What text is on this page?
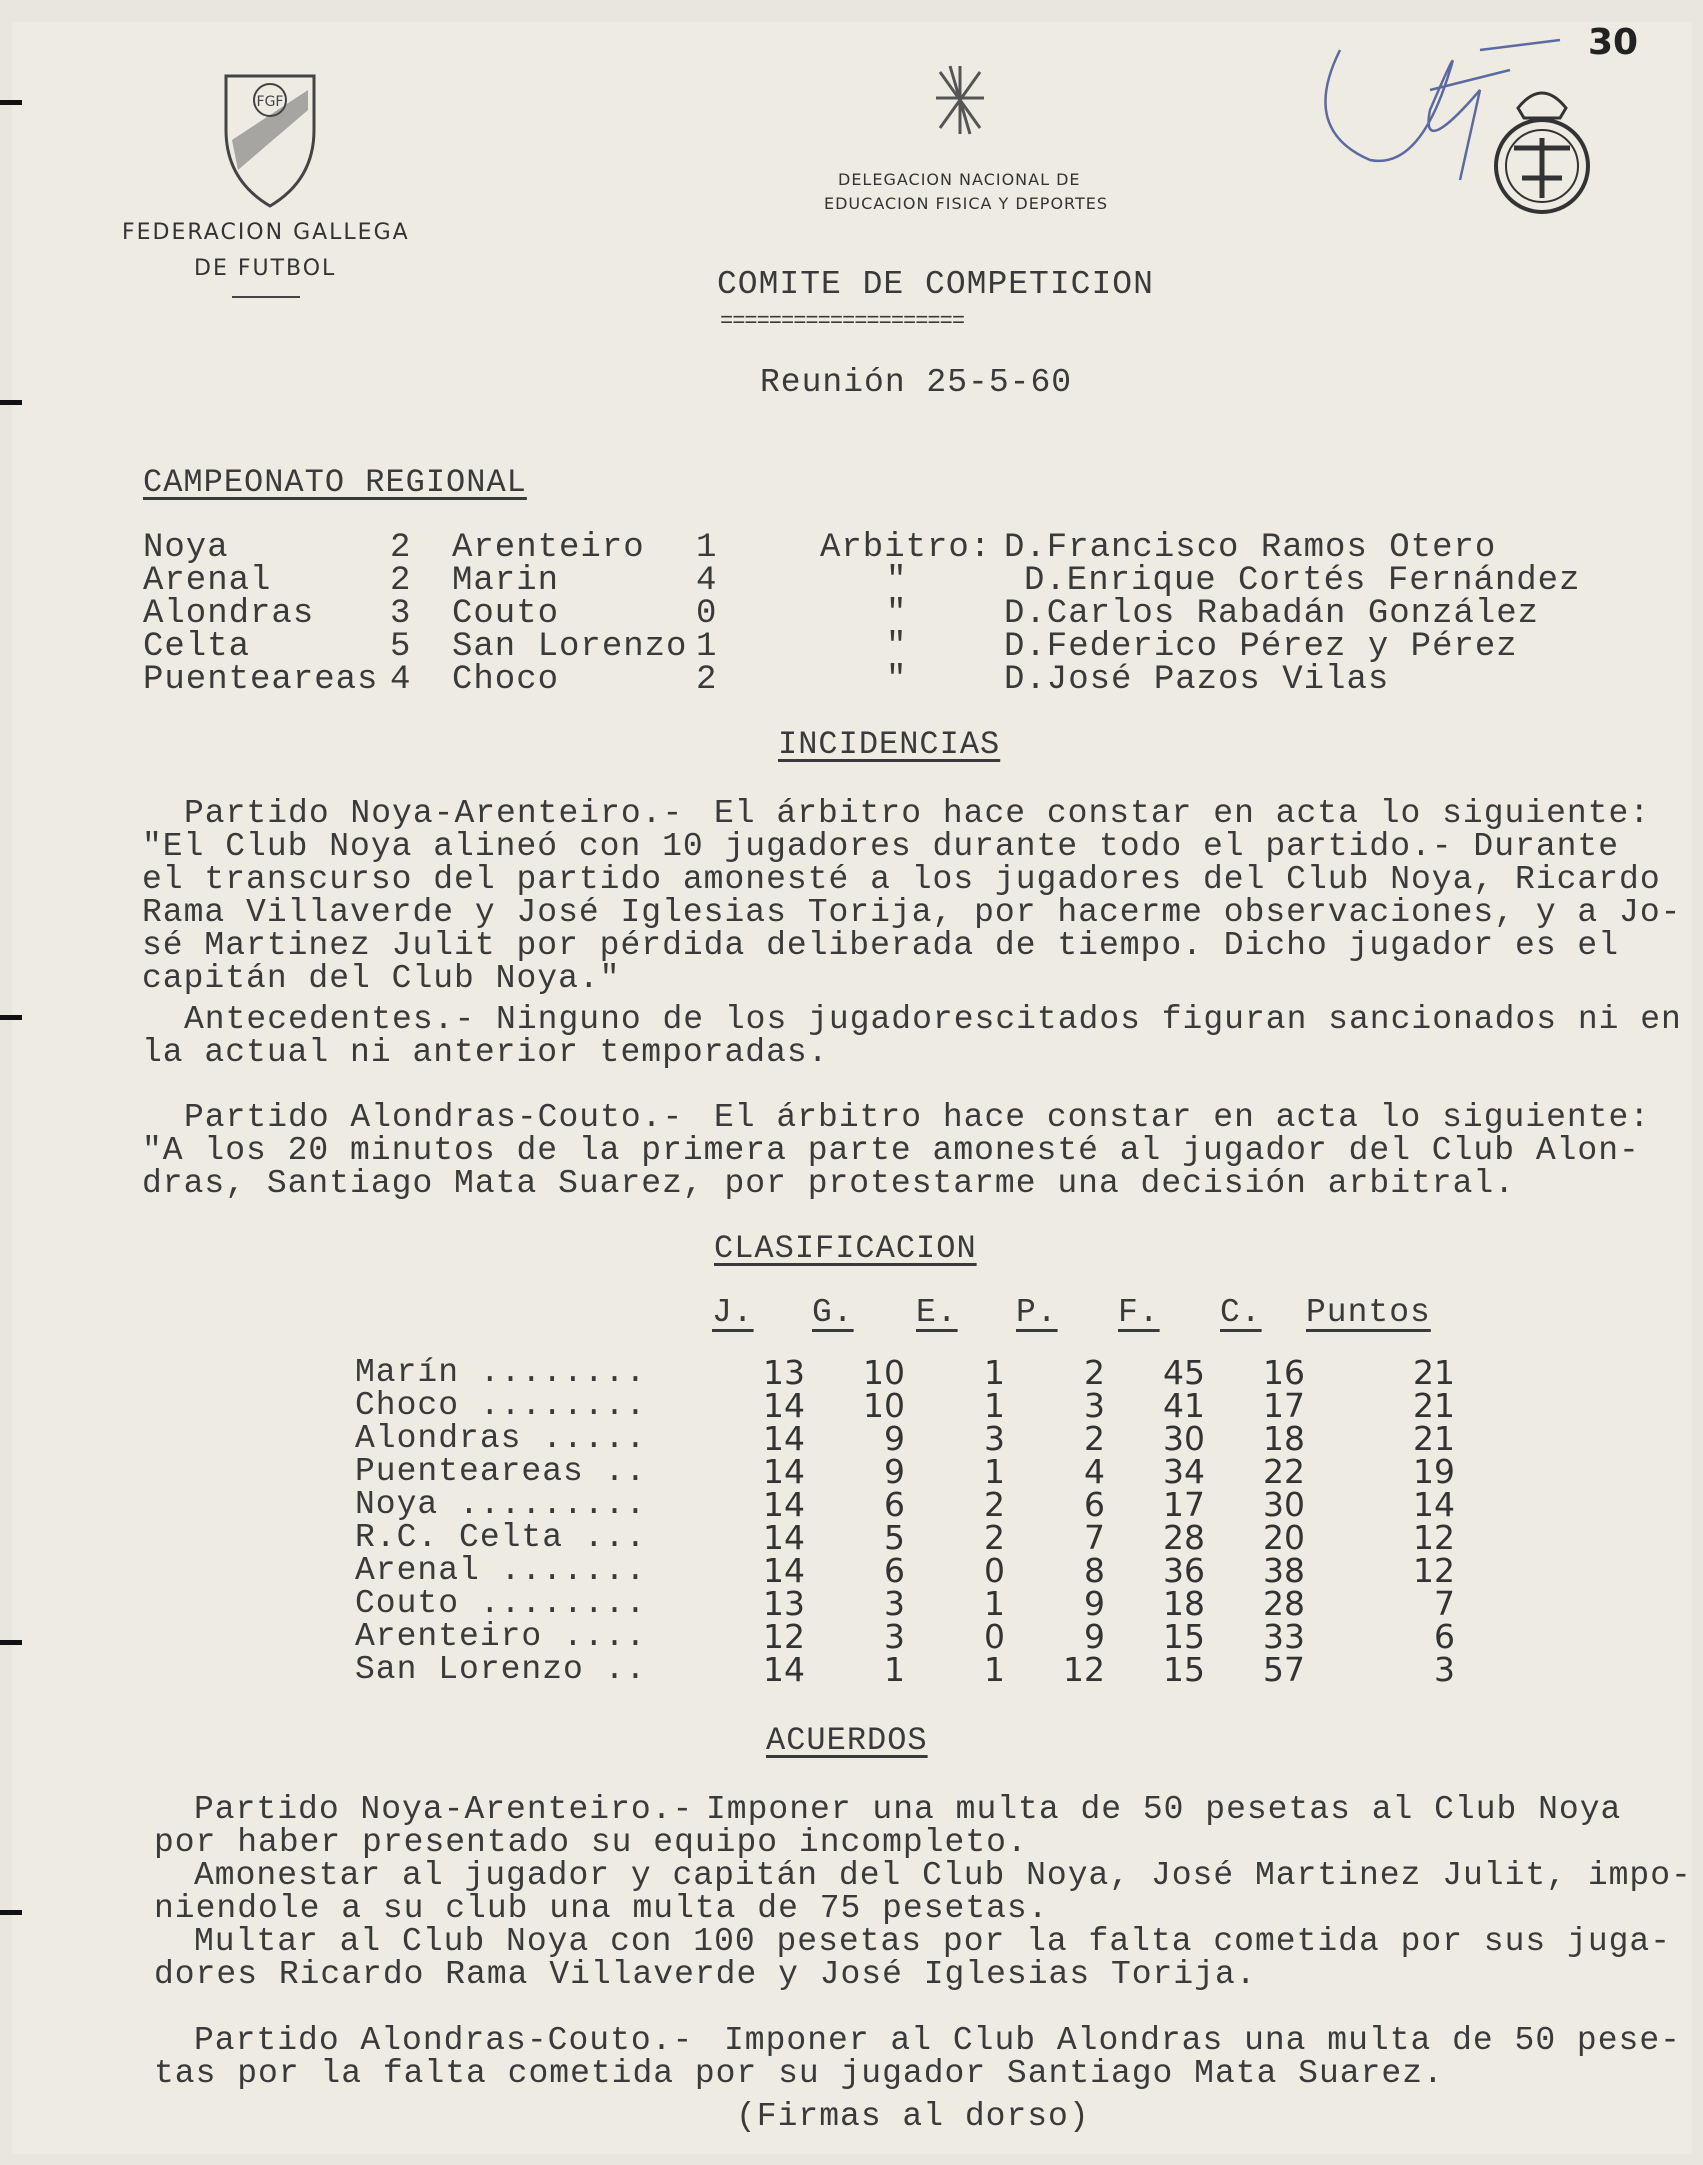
FGF
FEDERACION GALLEGA
DE FUTBOL
DELEGACION NACIONAL DE
EDUCACION FISICA Y DEPORTES
30
COMITE DE COMPETICION
====================
Reunión 25-5-60
CAMPEONATO REGIONAL
Noya	2 Arenteiro 1	Arbitro: D.Francisco Ramos Otero
Arenal	2 Marin	4	"	D.Enrique Cortés Fernández
Alondras 3 Couto	0	"	D.Carlos Rabadán González
Celta	5 San Lorenzo 1	"	D.Federico Pérez y Pérez
Puenteareas 4 Choco	2	"	D.José Pazos Vilas
INCIDENCIAS
Partido Noya-Arenteiro.- El árbitro hace constar en acta lo siguiente:
"El Club Noya alineó con 10 jugadores durante todo el partido.- Durante
el transcurso del partido amonesté a los jugadores del Club Noya, Ricardo
Rama Villaverde y José Iglesias Torija, por hacerme observaciones, y a Jo-
sé Martinez Julit por pérdida deliberada de tiempo. Dicho jugador es el
capitán del Club Noya."
Antecedentes.- Ninguno de los jugadorescitados figuran sancionados ni en
la actual ni anterior temporadas.
Partido Alondras-Couto.- El árbitro hace constar en acta lo siguiente:
"A los 20 minutos de la primera parte amonesté al jugador del Club Alon-
dras, Santiago Mata Suarez, por protestarme una decisión arbitral.
CLASIFICACION
J. G. E. P. F. C. Puntos
Marín ........	13	10	1	2	45	16	21
Choco ........	14	10	1	3	41	17	21
Alondras .....	14	9	3	2	30	18	21
Puenteareas ..	14	9	1	4	34	22	19
Noya .........	14	6	2	6	17	30	14
R.C. Celta ...	14	5	2	7	28	20	12
Arenal .......	14	6	0	8	36	38	12
Couto ........	13	3	1	9	18	28	7
Arenteiro ....	12	3	0	9	15	33	6
San Lorenzo ..	14	1	1	12	15	57	3
ACUERDOS
Partido Noya-Arenteiro.- Imponer una multa de 50 pesetas al Club Noya
por haber presentado su equipo incompleto.
Amonestar al jugador y capitán del Club Noya, José Martinez Julit, impo-
niendole a su club una multa de 75 pesetas.
Multar al Club Noya con 100 pesetas por la falta cometida por sus juga-
dores Ricardo Rama Villaverde y José Iglesias Torija.
Partido Alondras-Couto.- Imponer al Club Alondras una multa de 50 pese-
tas por la falta cometida por su jugador Santiago Mata Suarez.
(Firmas al dorso)
